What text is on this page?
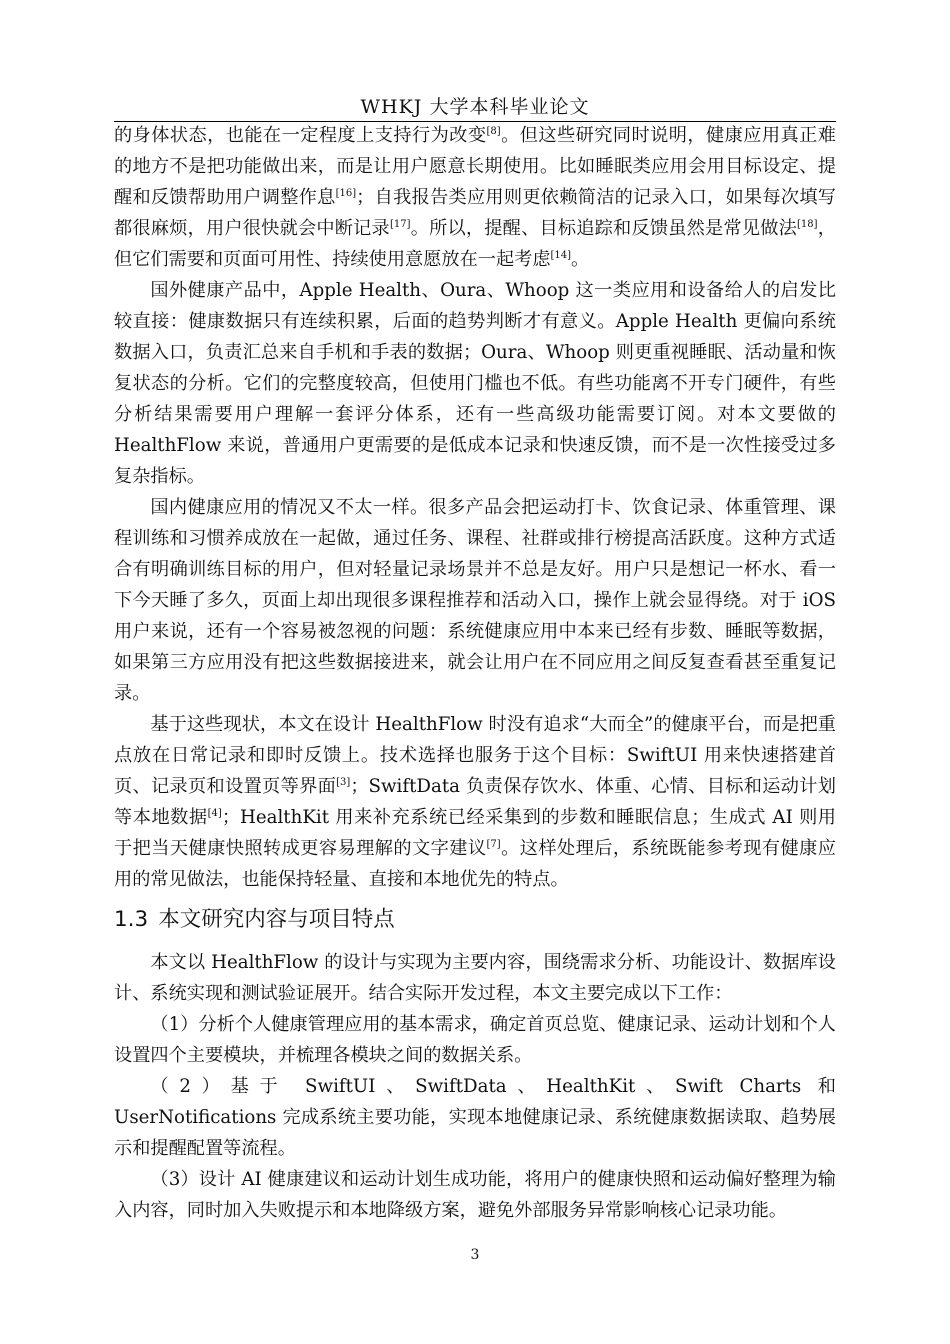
WHKJ 大学本科毕业论文

的身体状态，也能在一定程度上支持行为改变[8]。但这些研究同时说明，健康应用真正难的地方不是把功能做出来，而是让用户愿意长期使用。比如睡眠类应用会用目标设定、提醒和反馈帮助用户调整作息[16]；自我报告类应用则更依赖简洁的记录入口，如果每次填写都很麻烦，用户很快就会中断记录[17]。所以，提醒、目标追踪和反馈虽然是常见做法[18]，但它们需要和页面可用性、持续使用意愿放在一起考虑[14]。

国外健康产品中，Apple Health、Oura、Whoop 这一类应用和设备给人的启发比较直接：健康数据只有连续积累，后面的趋势判断才有意义。Apple Health 更偏向系统数据入口，负责汇总来自手机和手表的数据；Oura、Whoop 则更重视睡眠、活动量和恢复状态的分析。它们的完整度较高，但使用门槛也不低。有些功能离不开专门硬件，有些分析结果需要用户理解一套评分体系，还有一些高级功能需要订阅。对本文要做的 HealthFlow 来说，普通用户更需要的是低成本记录和快速反馈，而不是一次性接受过多复杂指标。

国内健康应用的情况又不太一样。很多产品会把运动打卡、饮食记录、体重管理、课程训练和习惯养成放在一起做，通过任务、课程、社群或排行榜提高活跃度。这种方式适合有明确训练目标的用户，但对轻量记录场景并不总是友好。用户只是想记一杯水、看一下今天睡了多久，页面上却出现很多课程推荐和活动入口，操作上就会显得绕。对于 iOS 用户来说，还有一个容易被忽视的问题：系统健康应用中本来已经有步数、睡眠等数据，如果第三方应用没有把这些数据接进来，就会让用户在不同应用之间反复查看甚至重复记录。

基于这些现状，本文在设计 HealthFlow 时没有追求“大而全”的健康平台，而是把重点放在日常记录和即时反馈上。技术选择也服务于这个目标：SwiftUI 用来快速搭建首页、记录页和设置页等界面[3]；SwiftData 负责保存饮水、体重、心情、目标和运动计划等本地数据[4]；HealthKit 用来补充系统已经采集到的步数和睡眠信息；生成式 AI 则用于把当天健康快照转成更容易理解的文字建议[7]。这样处理后，系统既能参考现有健康应用的常见做法，也能保持轻量、直接和本地优先的特点。

1.3 本文研究内容与项目特点

本文以 HealthFlow 的设计与实现为主要内容，围绕需求分析、功能设计、数据库设计、系统实现和测试验证展开。结合实际开发过程，本文主要完成以下工作：

（1）分析个人健康管理应用的基本需求，确定首页总览、健康记录、运动计划和个人设置四个主要模块，并梳理各模块之间的数据关系。

（2）基于 SwiftUI、SwiftData、HealthKit、Swift Charts 和 UserNotifications 完成系统主要功能，实现本地健康记录、系统健康数据读取、趋势展示和提醒配置等流程。

（3）设计 AI 健康建议和运动计划生成功能，将用户的健康快照和运动偏好整理为输入内容，同时加入失败提示和本地降级方案，避免外部服务异常影响核心记录功能。

3
